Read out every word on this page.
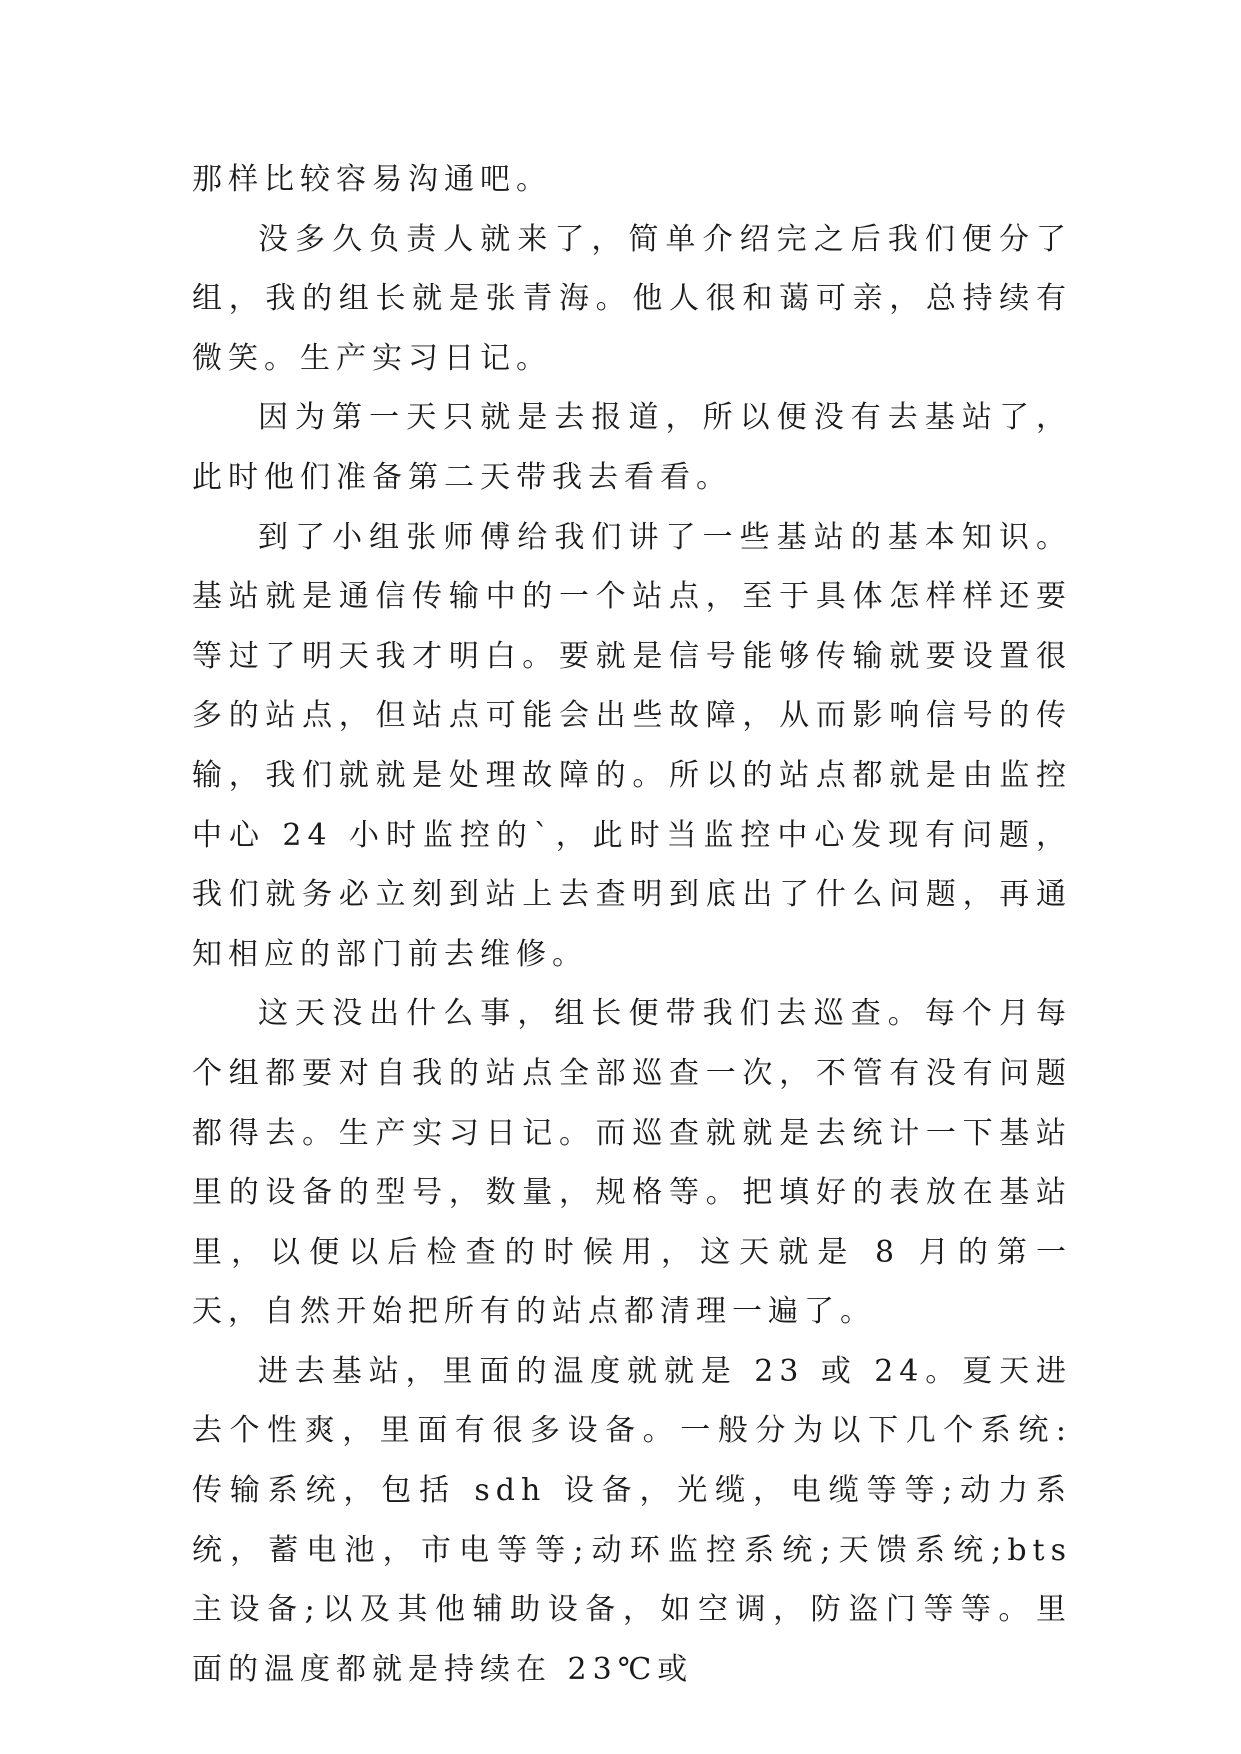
那样比较容易沟通吧。

没多久负责人就来了，简单介绍完之后我们便分了组，我的组长就是张青海。他人很和蔼可亲，总持续有微笑。生产实习日记。

因为第一天只就是去报道，所以便没有去基站了，此时他们准备第二天带我去看看。

到了小组张师傅给我们讲了一些基站的基本知识。基站就是通信传输中的一个站点，至于具体怎样样还要等过了明天我才明白。要就是信号能够传输就要设置很多的站点，但站点可能会出些故障，从而影响信号的传输，我们就就是处理故障的。所以的站点都就是由监控中心 24 小时监控的`，此时当监控中心发现有问题，我们就务必立刻到站上去查明到底出了什么问题，再通知相应的部门前去维修。

这天没出什么事，组长便带我们去巡查。每个月每个组都要对自我的站点全部巡查一次，不管有没有问题都得去。生产实习日记。而巡查就就是去统计一下基站里的设备的型号，数量，规格等。把填好的表放在基站里，以便以后检查的时候用，这天就是 8 月的第一天，自然开始把所有的站点都清理一遍了。

进去基站，里面的温度就就是 23 或 24。夏天进去个性爽，里面有很多设备。一般分为以下几个系统:传输系统，包括 sdh 设备，光缆，电缆等等;动力系统，蓄电池，市电等等;动环监控系统;天馈系统;bts 主设备;以及其他辅助设备，如空调，防盗门等等。里面的温度都就是持续在 23℃或
